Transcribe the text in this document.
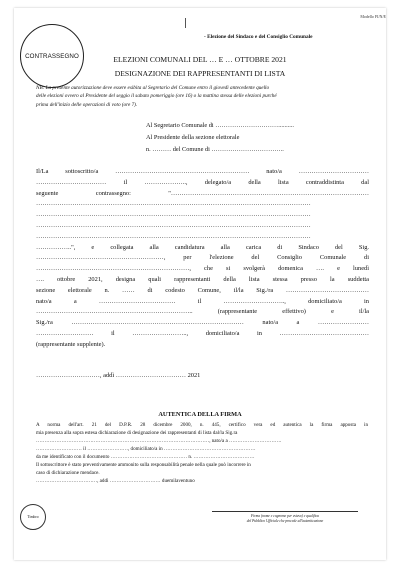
Modello FI/N/E
CONTRASSEGNO
- Elezione del Sindaco e del Consiglio Comunale
ELEZIONI COMUNALI DEL … E … OTTOBRE 2021
DESIGNAZIONE DEI RAPPRESENTANTI DI LISTA
NB: La presente autorizzazione deve essere esibita al Segretario del Comune entro il giovedì antecedente quello
delle elezioni ovvero al Presidente del seggio il sabato pomeriggio (ore 16) o la mattina stessa delle elezioni purché
prima dell'inizio delle operazioni di voto (ore 7).
Al Segretario Comunale di …………………………..........
Al Presidente della sezione elettorale
n. ……… del Comune di ……………………………..

Il/La sottoscritto/a ……………………………………………………… nato/a ……………………………

…………………………… il ……………….., delegato/a della lista contraddistinta dal

seguente contrassegno: "…………………………………………………………………………………

…………………………………………………………………………………………………………………

…………………………………………………………………………………………………………………

…………………………………………………………………………………………………………………

…………………………………………………………………………………………………………………

……………..", e collegata alla candidatura alla carica di Sindaco del Sig.

……………………………………………………, per l'elezione del Consiglio Comunale di

………………………………………………………………, che si svolgerà domenica …. e lunedì

…. ottobre 2021, designa quali rappresentanti della lista stessa presso la suddetta

sezione elettorale n. …… di codesto Comune, il/la Sig./ra …………………………………

nato/a a ……………………………… il ……………………….., domiciliato/a in

……………………………………………………………….. (rappresentante effettivo) e il/la

Sig./ra ……………………………………………………………………… nato/a a ……………………

……………………… il …………………….., domiciliato/a in ……………………………………

(rappresentante supplente).

…………………………, addì …………………………… 2021
AUTENTICA DELLA FIRMA

A norma dell'art. 21 del D.P.R. 28 dicembre 2000, n. 445, certifico vera ed autentica la firma apposta in

mia presenza alla sopra estesa dichiarazione di designazione dei rappresentanti di lista dal/la Sig.ra

…………………………………………………………………………………………, nato/a a ………………………….

……………………… il ……………………, domiciliato/a in ………………………………………………

da me identificato con il documento ……………………………………… n. ………………………………

Il sottoscrittore è stato preventivamente ammonito sulla responsabilità penale nella quale può incorrere in

caso di dichiarazione mendace.

………………………………, addì ………………………… duemilaventuno

Timbro	Firma (nome e cognome per esteso) e qualifica
del Pubblico Ufficiale che procede all'autenticazione
